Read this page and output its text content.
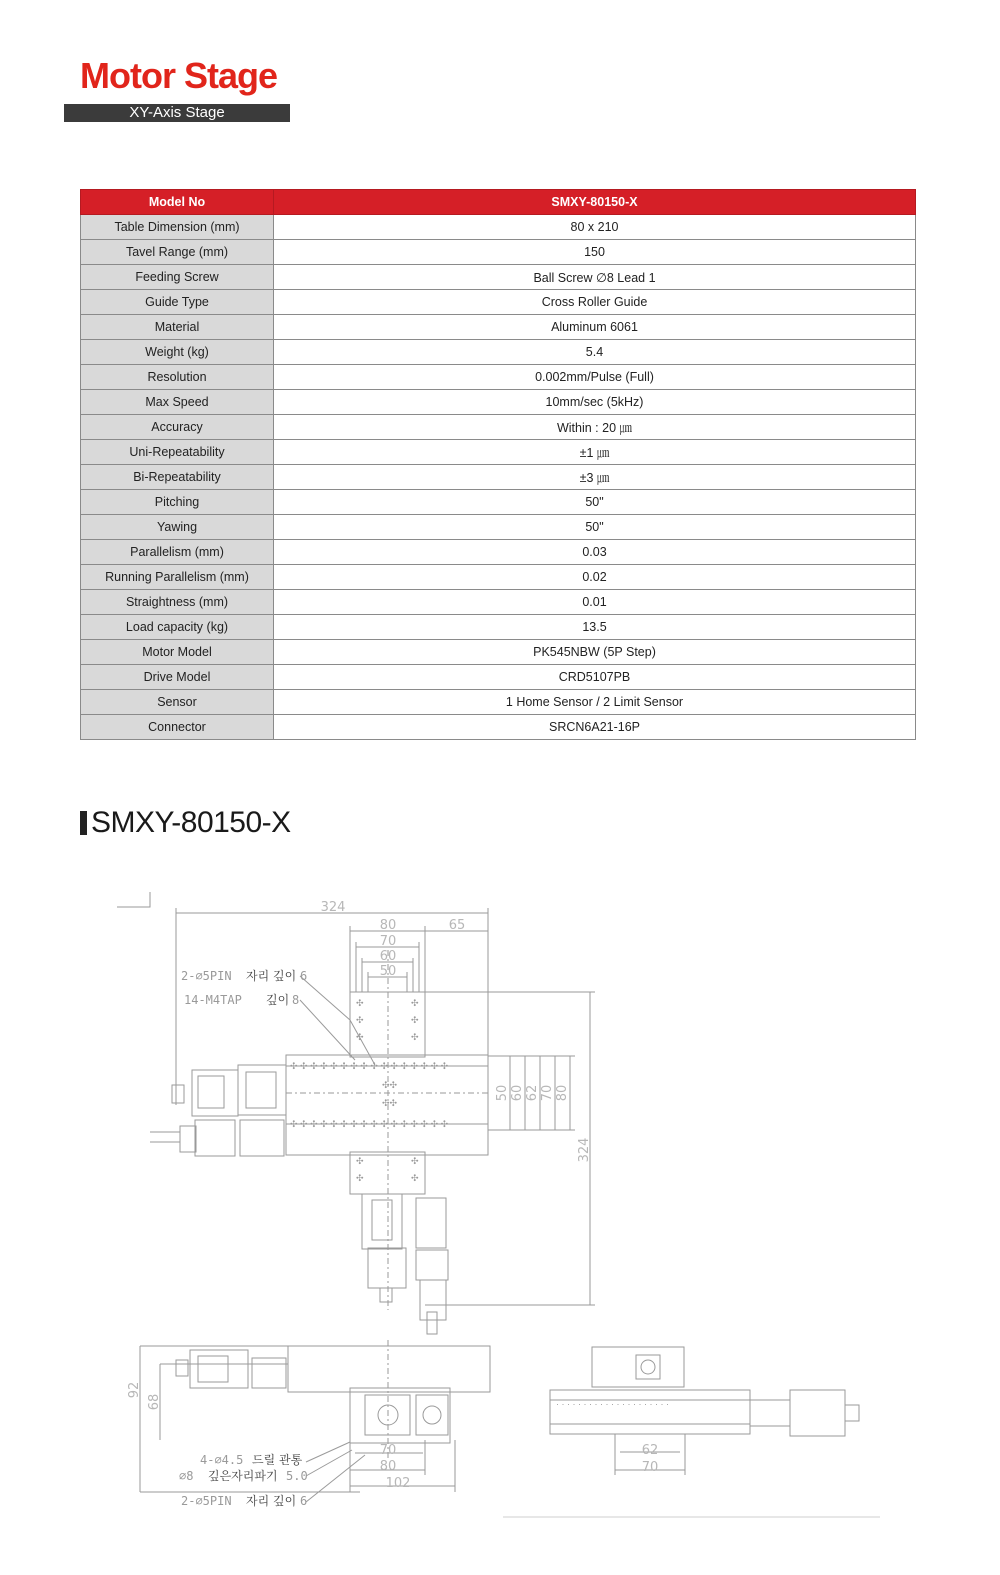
Motor Stage
XY-Axis Stage
Model No	SMXY-80150-X
Table Dimension (mm)	80 x 210
Tavel Range (mm)	150
Feeding Screw	Ball Screw ∅8 Lead 1
Guide Type	Cross Roller Guide
Material	Aluminum 6061
Weight (kg)	5.4
Resolution	0.002mm/Pulse (Full)
Max Speed	10mm/sec (5kHz)
Accuracy	Within : 20 ㎛
Uni-Repeatability	±1 ㎛
Bi-Repeatability	±3 ㎛
Pitching	50"
Yawing	50"
Parallelism (mm)	0.03
Running Parallelism (mm)	0.02
Straightness (mm)	0.01
Load capacity (kg)	13.5
Motor Model	PK545NBW (5P Step)
Drive Model	CRD5107PB
Sensor	1 Home Sensor / 2 Limit Sensor
Connector	SRCN6A21-16P
SMXY-80150-X
✣	✣
✣	✣
✣	✣
✣ ✣ ✣ ✣ ✣ ✣ ✣ ✣ ✣ ✣ ✣ ✣ ✣ ✣ ✣ ✣
✣ ✣ ✣ ✣ ✣ ✣ ✣ ✣ ✣ ✣ ✣ ✣ ✣ ✣ ✣ ✣
✣✣
✣✣
✣	✣
✣	✣
· · · · · · · · · · · · · · · · · · · · ·
324
80	65
70
60
50
2-∅5PIN 자리 깊이 6
14-M4TAP 깊이 8
50 60 62 70 80
324
92
68
70
80
102
4-∅4.5 드릴 관통
∅8 깊은자리파기 5.0
2-∅5PIN 자리 깊이 6
62
70
